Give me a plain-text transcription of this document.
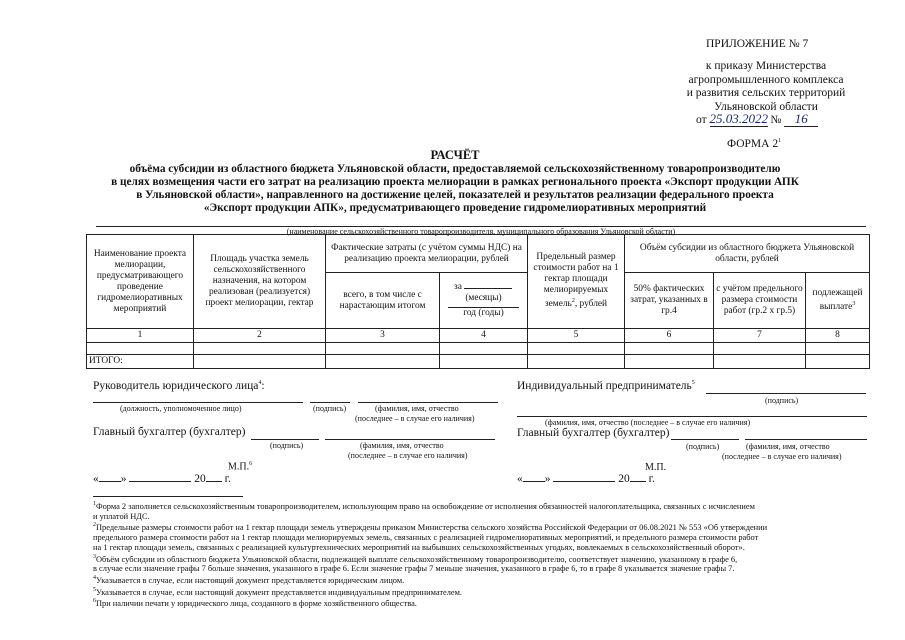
ПРИЛОЖЕНИЕ № 7
к приказу Министерства
агропромышленного комплекса
и развития сельских территорий
Ульяновской области
от 25.03.2022 № 16
ФОРМА $2^1$
РАСЧЁТ
объёма субсидии из областного бюджета Ульяновской области, предоставляемой сельскохозяйственному товаропроизводителю
в целях возмещения части его затрат на реализацию проекта мелиорации в рамках регионального проекта «Экспорт продукции АПК
в Ульяновской области», направленного на достижение целей, показателей и результатов реализации федерального проекта
«Экспорт продукции АПК», предусматривающего проведение гидромелиоративных мероприятий
(наименование сельскохозяйственного товаропроизводителя, муниципального образования Ульяновской области)
Наименование проекта мелиорации, предусматривающего проведение гидромелиоративных мероприятий	Площадь участка земель сельскохозяйственного назначения, на котором реализован (реализуется) проект мелиорации, гектар	Фактические затраты (с учётом суммы НДС) на реализацию проекта мелиорации, рублей		Предельный размер стоимости работ на 1 гектар площади мелиорируемых земель$^2$, рублей	Объём субсидии из областного бюджета Ульяновской области, рублей		
		всего, в том числе с нарастающим итогом	за
(месяцы)
год (годы)		50% фактических затрат, указанных в гр.4	с учётом предельного размера стоимости работ (гр.2 х гр.5)	подлежащей выплате$^3$
1	2	3	4	5	6	7	8

ИТОГО:							
Руководитель юридического лица$^4$:
(должность, уполномоченное лицо)	(подпись)	(фамилия, имя, отчество
(последнее – в случае его наличия)
Главный бухгалтер (бухгалтер)
(подпись)	(фамилия, имя, отчество
(последнее – в случае его наличия)
М.П.$^6$
« »	20 г.
Индивидуальный предприниматель$^5$
(подпись)
(фамилия, имя, отчество (последнее – в случае его наличия)
Главный бухгалтер (бухгалтер)
(подпись)	(фамилия, имя, отчество
(последнее – в случае его наличия)
М.П.
« »	20 г.
$^1$Форма 2 заполняется сельскохозяйственным товаропроизводителем, использующим право на освобождение от исполнения обязанностей налогоплательщика, связанных с исчислением
и уплатой НДС.
$^2$Предельные размеры стоимости работ на 1 гектар площади земель утверждены приказом Министерства сельского хозяйства Российской Федерации от 06.08.2021 № 553 «Об утверждении
предельного размера стоимости работ на 1 гектар площади мелиорируемых земель, связанных с реализацией гидромелиоративных мероприятий, и предельного размера стоимости работ
на 1 гектар площади земель, связанных с реализацией культуртехнических мероприятий на выбывших сельскохозяйственных угодьях, вовлекаемых в сельскохозяйственный оборот».
$^3$Объём субсидии из областного бюджета Ульяновской области, подлежащей выплате сельскохозяйственному товаропроизводителю, соответствует значению, указанному в графе 6,
в случае если значение графы 7 больше значения, указанного в графе 6. Если значение графы 7 меньше значения, указанного в графе 6, то в графе 8 указывается значение графы 7.
$^4$Указывается в случае, если настоящий документ представляется юридическим лицом.
$^5$Указывается в случае, если настоящий документ представляется индивидуальным предпринимателем.
$^6$При наличии печати у юридического лица, созданного в форме хозяйственного общества.
